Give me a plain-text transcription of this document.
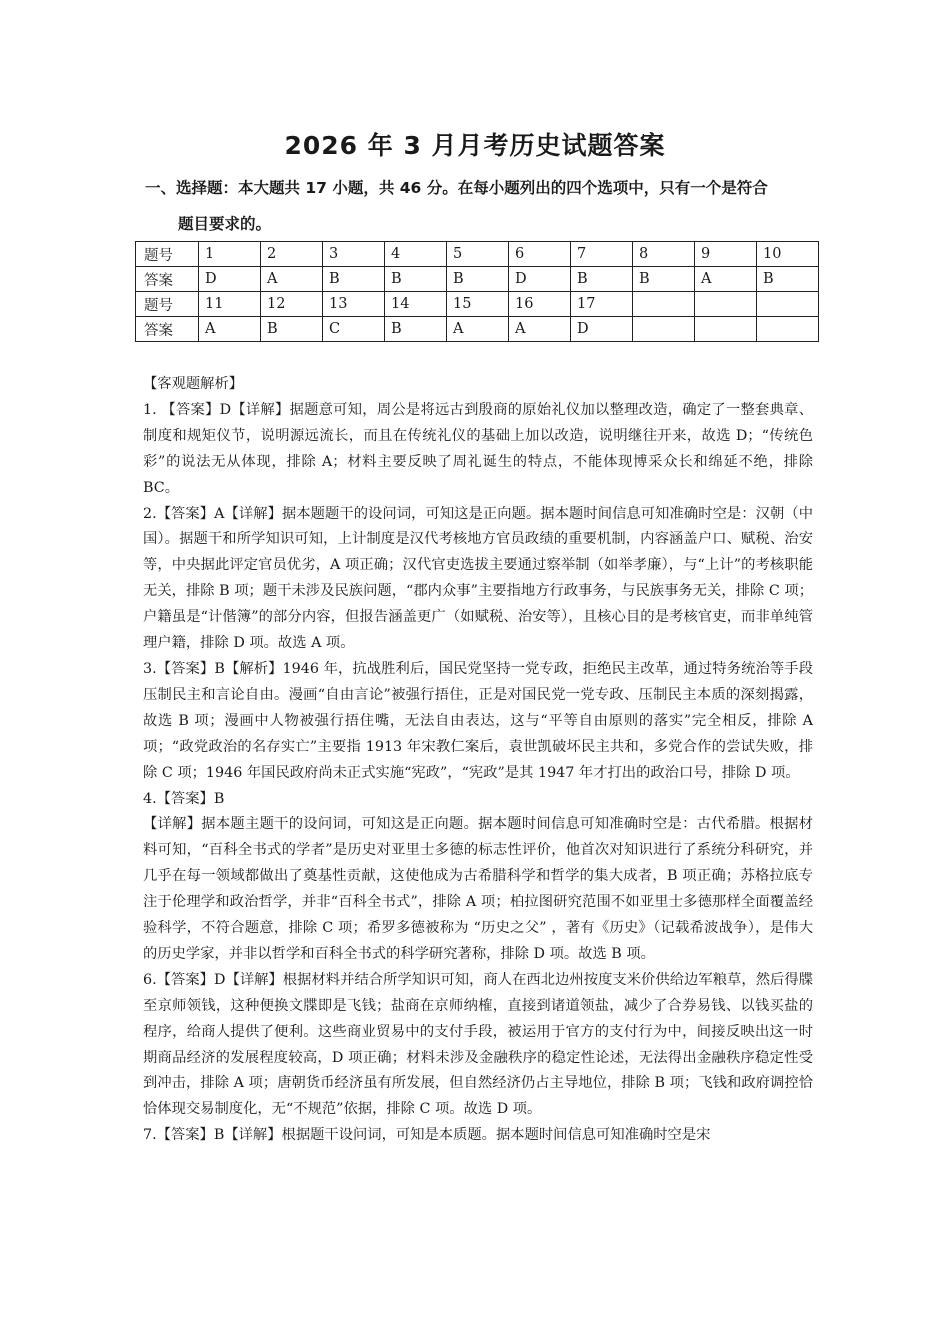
2026 年 3 月月考历史试题答案
一、选择题：本大题共 17 小题，共 46 分。在每小题列出的四个选项中，只有一个是符合
题目要求的。
题号	1	2	3	4	5	6	7	8	9	10
答案	D	A	B	B	B	D	B	B	A	B
题号	11	12	13	14	15	16	17			
答案	A	B	C	B	A	A	D			

【客观题解析】

1. 【答案】D【详解】据题意可知，周公是将远古到殷商的原始礼仪加以整理改造，确定了一整套典章、制度和规矩仪节，说明源远流长，而且在传统礼仪的基础上加以改造，说明继往开来，故选 D；“传统色彩”的说法无从体现，排除 A；材料主要反映了周礼诞生的特点，不能体现博采众长和绵延不绝，排除 BC。

2.【答案】A【详解】据本题题干的设问词，可知这是正向题。据本题时间信息可知准确时空是：汉朝（中国）。据题干和所学知识可知，上计制度是汉代考核地方官员政绩的重要机制，内容涵盖户口、赋税、治安等，中央据此评定官员优劣，A 项正确；汉代官吏选拔主要通过察举制（如举孝廉），与“上计”的考核职能无关，排除 B 项；题干未涉及民族问题，“郡内众事”主要指地方行政事务，与民族事务无关，排除 C 项；户籍虽是“计偕簿”的部分内容，但报告涵盖更广（如赋税、治安等），且核心目的是考核官吏，而非单纯管理户籍，排除 D 项。故选 A 项。

3.【答案】B【解析】1946 年，抗战胜利后，国民党坚持一党专政，拒绝民主改革，通过特务统治等手段压制民主和言论自由。漫画“自由言论”被强行捂住，正是对国民党一党专政、压制民主本质的深刻揭露，故选 B 项；漫画中人物被强行捂住嘴，无法自由表达，这与“平等自由原则的落实”完全相反，排除 A 项；“政党政治的名存实亡”主要指 1913 年宋教仁案后，袁世凯破坏民主共和，多党合作的尝试失败，排除 C 项；1946 年国民政府尚未正式实施“宪政”，“宪政”是其 1947 年才打出的政治口号，排除 D 项。

4.【答案】B

【详解】据本题主题干的设问词，可知这是正向题。据本题时间信息可知准确时空是：古代希腊。根据材料可知，“百科全书式的学者”是历史对亚里士多德的标志性评价，他首次对知识进行了系统分科研究，并几乎在每一领域都做出了奠基性贡献，这使他成为古希腊科学和哲学的集大成者，B 项正确；苏格拉底专注于伦理学和政治哲学，并非“百科全书式”，排除 A 项；柏拉图研究范围不如亚里士多德那样全面覆盖经验科学，不符合题意，排除 C 项；希罗多德被称为 “历史之父” ，著有《历史》（记载希波战争），是伟大的历史学家，并非以哲学和百科全书式的科学研究著称，排除 D 项。故选 B 项。

6.【答案】D【详解】根据材料并结合所学知识可知，商人在西北边州按度支米价供给边军粮草，然后得牒至京师领钱，这种便换文牒即是飞钱；盐商在京师纳榷，直接到诸道领盐，减少了合券易钱、以钱买盐的程序，给商人提供了便利。这些商业贸易中的支付手段，被运用于官方的支付行为中，间接反映出这一时期商品经济的发展程度较高，D 项正确；材料未涉及金融秩序的稳定性论述，无法得出金融秩序稳定性受到冲击，排除 A 项；唐朝货币经济虽有所发展，但自然经济仍占主导地位，排除 B 项；飞钱和政府调控恰恰体现交易制度化，无“不规范”依据，排除 C 项。故选 D 项。

7.【答案】B【详解】根据题干设问词，可知是本质题。据本题时间信息可知准确时空是宋
